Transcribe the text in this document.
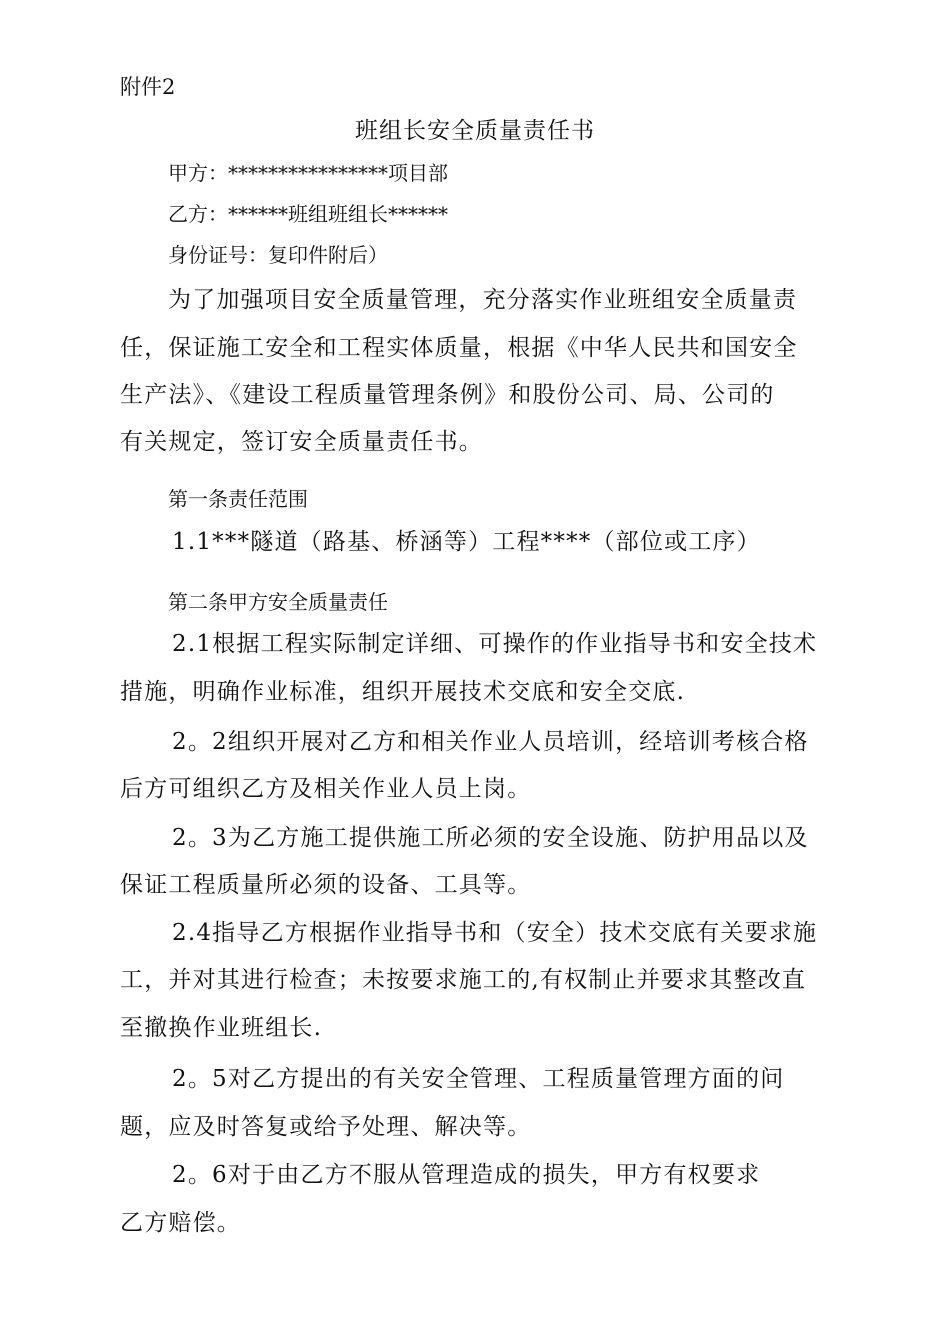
附件2
班组长安全质量责任书
甲方：****************项目部
乙方：******班组班组长******
身份证号：复印件附后）
为了加强项目安全质量管理，充分落实作业班组安全质量责
任，保证施工安全和工程实体质量，根据《中华人民共和国安全
生产法》、《建设工程质量管理条例》和股份公司、局、公司的
有关规定，签订安全质量责任书。
第一条责任范围
1.1***隧道（路基、桥涵等）工程****（部位或工序）
第二条甲方安全质量责任
2.1根据工程实际制定详细、可操作的作业指导书和安全技术
措施，明确作业标准，组织开展技术交底和安全交底.
2。2组织开展对乙方和相关作业人员培训，经培训考核合格
后方可组织乙方及相关作业人员上岗。
2。3为乙方施工提供施工所必须的安全设施、防护用品以及
保证工程质量所必须的设备、工具等。
2.4指导乙方根据作业指导书和（安全）技术交底有关要求施
工，并对其进行检查；未按要求施工的,有权制止并要求其整改直
至撤换作业班组长.
2。5对乙方提出的有关安全管理、工程质量管理方面的问
题，应及时答复或给予处理、解决等。
2。6对于由乙方不服从管理造成的损失，甲方有权要求
乙方赔偿。
